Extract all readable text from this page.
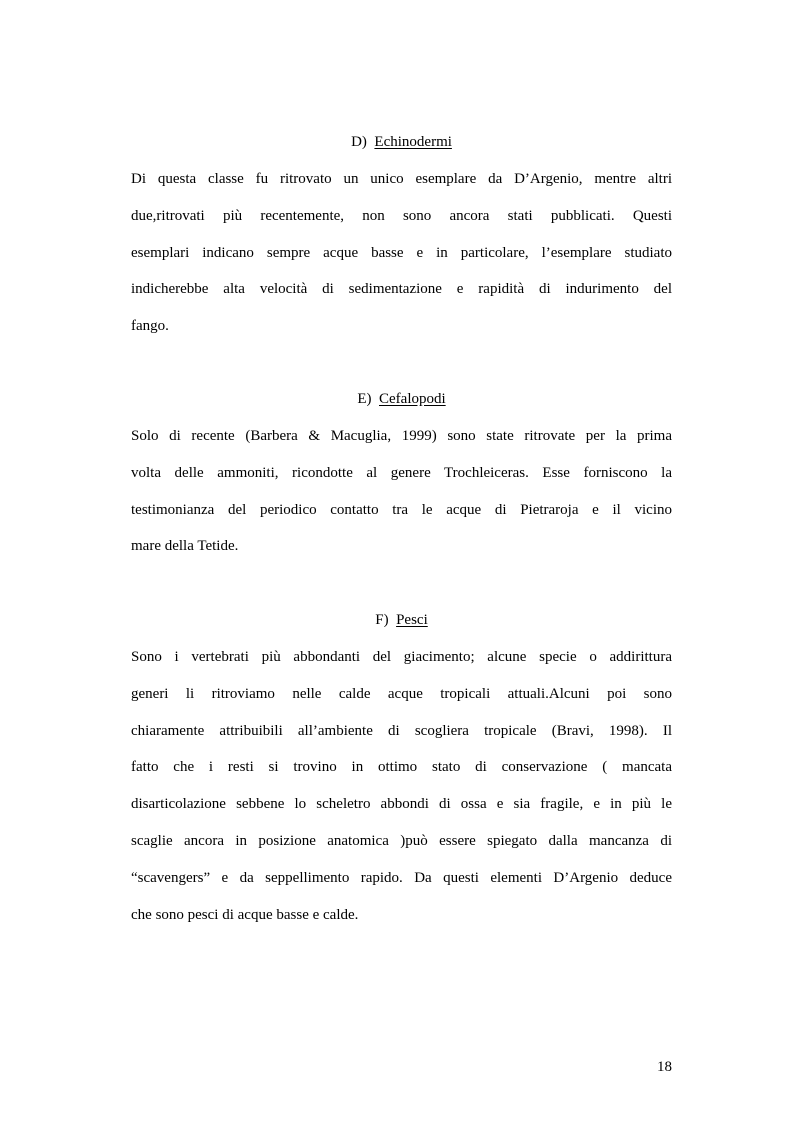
D) Echinodermi
Di questa classe fu ritrovato un unico esemplare da D’Argenio, mentre altri
due,ritrovati più recentemente, non sono ancora stati pubblicati. Questi
esemplari indicano sempre acque basse e in particolare, l’esemplare studiato
indicherebbe alta velocità di sedimentazione e rapidità di indurimento del
fango.
E) Cefalopodi
Solo di recente (Barbera & Macuglia, 1999) sono state ritrovate per la prima
volta delle ammoniti, ricondotte al genere Trochleiceras. Esse forniscono la
testimonianza del periodico contatto tra le acque di Pietraroja e il vicino
mare della Tetide.
F) Pesci
Sono i vertebrati più abbondanti del giacimento; alcune specie o addirittura
generi li ritroviamo nelle calde acque tropicali attuali.Alcuni poi sono
chiaramente attribuibili all’ambiente di scogliera tropicale (Bravi, 1998). Il
fatto che i resti si trovino in ottimo stato di conservazione ( mancata
disarticolazione sebbene lo scheletro abbondi di ossa e sia fragile, e in più le
scaglie ancora in posizione anatomica )può essere spiegato dalla mancanza di
“scavengers” e da seppellimento rapido. Da questi elementi D’Argenio deduce
che sono pesci di acque basse e calde.
18
